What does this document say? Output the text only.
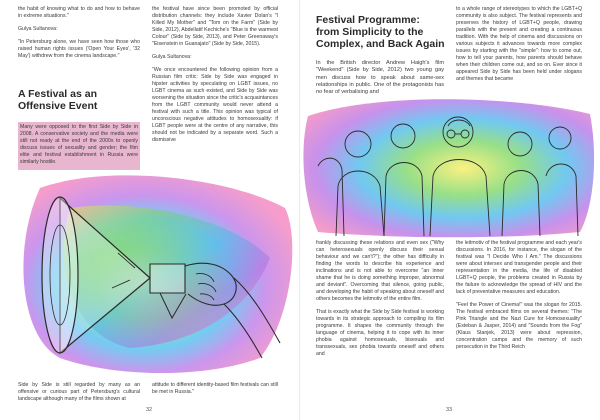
the habit of knowing what to do and how to behave in extreme situations."

Gulya Sultanova:

"In Petersburg alone, we have seen how those who raised human rights issues ('Open Your Eyes', '32 May') withdrew from the cinema landscape."

A Festival as an Offensive Event
Many were opposed to the first Side by Side in 2008. A conservative society and the media were still not ready at the end of the 2000s to openly discuss issues of sexuality and gender; the film elite and festival establishment in Russia were similarly hostile.

the festival have since been promoted by official distribution channels: they include Xavier Dolan's "I Killed My Mother" and "Tom on the Farm" (Side by Side, 2012), Abdellatif Kechiche's "Blue is the warmest Colour" (Side by Side, 2013), and Peter Greenaway's "Eisenstein in Guanajato" (Side by Side, 2015).

Gulya Sultanova:

"We once encountered the following opinion from a Russian film critic: Side by Side was engaged in hipster activities by speculating on LGBT issues, no LGBT cinema as such existed, and Side by Side was worsening the situation since the critic's acquaintances from the LGBT community would never attend a festival with such a title. This opinion was typical of unconscious negative attitudes to homosexuality: if LGBT people were at the centre of any narrative, this should not be indicated by a separate word. Such a dismissive

Side by Side is still regarded by many as an offensive or curious part of Petersburg's cultural landscape although many of the films shown at
attitude to different identity-based film festivals can still be met in Russia."
32
Festival Programme: from Simplicity to the Complex, and Back Again
In the British director Andrew Haigh's film "Weekend" (Side by Side, 2012) two young gay men discuss how to speak about same-sex relationships in public. One of the protagonists has no fear of verbalising and
to a whole range of stereotypes to which the LGBT+Q community is also subject. The festival represents and preserves the history of LGBT+Q people, drawing parallels with the present and creating a continuous tradition. With the help of cinema and discussions on various subjects it advances towards more complex issues by starting with the "simple": how to come out, how to tell your parents, how parents should behave when their children come out, and so on. Ever since it appeared Side by Side has been held under slogans and themes that became

frankly discussing these relations and even sex ("Why can heterosexuals openly discuss their sexual behaviour and we can't?"); the other has difficulty in finding the words to describe his experience and inclinations and is not able to overcome "an inner shame that he is doing something improper, abnormal and deviant". Overcoming that silence, going public, and developing the habit of speaking about oneself and others becomes the leitmotiv of the entire film.

That is exactly what the Side by Side festival is working towards in its strategic approach to compiling its film programme. It shapes the community through the language of cinema, helping it to cope with its inner phobia against homosexuals, bisexuals and transsexuals, sex phobia towards oneself and others and

the leitmotiv of the festival programme and each year's discussions. In 2016, for instance, the slogan of the festival was "I Decide Who I Am." The discussions were about intersex and transgender people and their representation in the media, the life of disabled LGBT+Q people, the problems created in Russia by the failure to acknowledge the spread of HIV and the lack of preventative measures and education.

"Feel the Power of Cinema!" was the slogan for 2015. The festival embraced films on several themes: "The Pink Triangle and the Nazi Cure for Homosexuality" (Esteban & Jasper, 2014) and "Sounds from the Fog" (Klaus Stanjek, 2013) were about repression, concentration camps and the memory of such persecution in the Third Reich

33
